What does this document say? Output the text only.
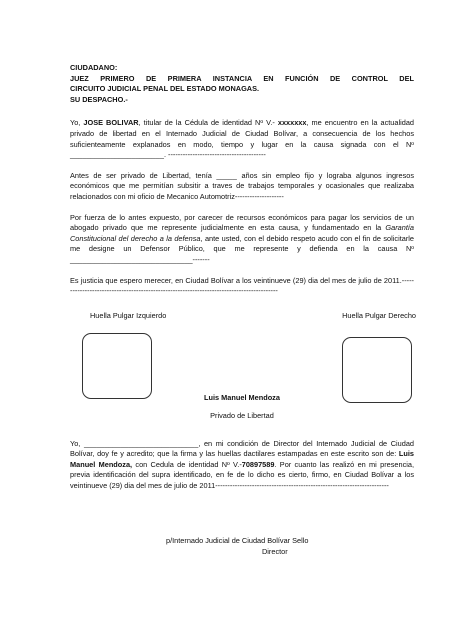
CIUDADANO:
JUEZ PRIMERO DE PRIMERA INSTANCIA EN FUNCIÓN DE CONTROL DEL
CIRCUITO JUDICIAL PENAL DEL ESTADO MONAGAS.
SU DESPACHO.-
Yo, JOSE BOLIVAR, titular de la Cédula de identidad Nº V.- xxxxxxx, me encuentro en la actualidad privado de libertad en el Internado Judicial de Ciudad Bolívar, a consecuencia de los hechos suficienteamente explanados en modo, tiempo y lugar en la causa signada con el Nº _______________________. ----------------------------------------
Antes de ser privado de Libertad, tenía _____ años sin empleo fijo y lograba algunos ingresos económicos que me permitían subsitir a traves de trabajos temporales y ocasionales que realizaba relacionados con mi oficio de Mecanico Automotriz--------------------
Por fuerza de lo antes expuesto, por carecer de recursos económicos para pagar los servicios de un abogado privado que me represente judicialmente en esta causa, y fundamentado en la Garantía Constitucional del derecho a la defensa, ante usted, con el debido respeto acudo con el fin de solicitarle me designe un Defensor Público, que me represente y defienda en la causa Nº ______________________________-------
Es justicia que espero merecer, en Ciudad Bolívar a los veintinueve (29) dia del mes de julio de 2011.------------------------------------------------------------------------------------------
Huella Pulgar Izquierdo	Huella Pulgar Derecho
Luis Manuel Mendoza
Privado de Libertad
Yo, ____________________________, en mi condición de Director del Internado Judicial de Ciudad Bolívar, doy fe y acredito; que la firma y las huellas dactilares estampadas en este escrito son de: Luis Manuel Mendoza, con Cedula de identidad Nº V.-70897589. Por cuanto las realizó en mi presencia, previa identificación del supra identificado, en fe de lo dicho es cierto, firmo, en Ciudad Bolívar a los veintinueve (29) dia del mes de julio de 2011-----------------------------------------------------------------------
p/Internado Judicial de Ciudad Bolívar Sello
Director
